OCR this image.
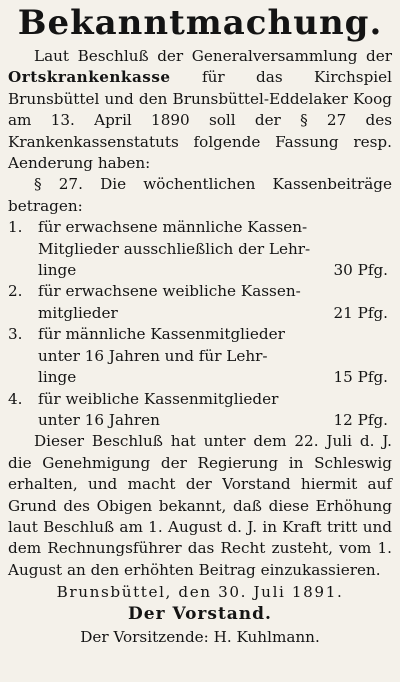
Bekanntmachung.

Laut Beschluß der Generalversammlung der Ortskrankenkasse für das Kirchspiel Brunsbüttel und den Brunsbüttel-Eddelaker Koog am 13. April 1890 soll der § 27 des Krankenkassenstatuts folgende Fassung resp. Aenderung haben:

§ 27. Die wöchentlichen Kassenbeiträge betragen:

1.	für erwachsene männliche Kassen-
Mitglieder ausschließlich der Lehr-
linge	30 Pfg.
2.	für erwachsene weibliche Kassen-
mitglieder	21 Pfg.
3.	für männliche Kassenmitglieder
unter 16 Jahren und für Lehr-
linge	15 Pfg.
4.	für weibliche Kassenmitglieder
unter 16 Jahren	12 Pfg.

Dieser Beschluß hat unter dem 22. Juli d. J. die Genehmigung der Regierung in Schleswig erhalten, und macht der Vorstand hiermit auf Grund des Obigen bekannt, daß diese Erhöhung laut Beschluß am 1. August d. J. in Kraft tritt und dem Rechnungsführer das Recht zusteht, vom 1. August an den erhöhten Beitrag einzukassieren.

Brunsbüttel, den 30. Juli 1891.

Der Vorstand.

Der Vorsitzende: H. Kuhlmann.
